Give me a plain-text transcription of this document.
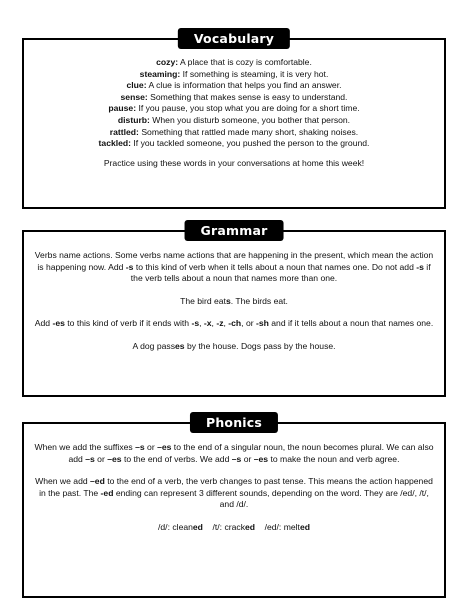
Vocabulary
cozy: A place that is cozy is comfortable.
steaming: If something is steaming, it is very hot.
clue: A clue is information that helps you find an answer.
sense: Something that makes sense is easy to understand.
pause: If you pause, you stop what you are doing for a short time.
disturb: When you disturb someone, you bother that person.
rattled: Something that rattled made many short, shaking noises.
tackled: If you tackled someone, you pushed the person to the ground.
Practice using these words in your conversations at home this week!
Grammar

Verbs name actions. Some verbs name actions that are happening in the present, which mean the action is happening now. Add -s to this kind of verb when it tells about a noun that names one. Do not add -s if the verb tells about a noun that names more than one.

The bird eats. The birds eat.

Add -es to this kind of verb if it ends with -s, -x, -z, -ch, or -sh and if it tells about a noun that names one.

A dog passes by the house. Dogs pass by the house.

Phonics

When we add the suffixes –s or –es to the end of a singular noun, the noun becomes plural. We can also add –s or –es to the end of verbs. We add –s or –es to make the noun and verb agree.

When we add –ed to the end of a verb, the verb changes to past tense. This means the action happened in the past. The -ed ending can represent 3 different sounds, depending on the word. They are /ed/, /t/, and /d/.

/d/: cleaned /t/: cracked /ed/: melted
